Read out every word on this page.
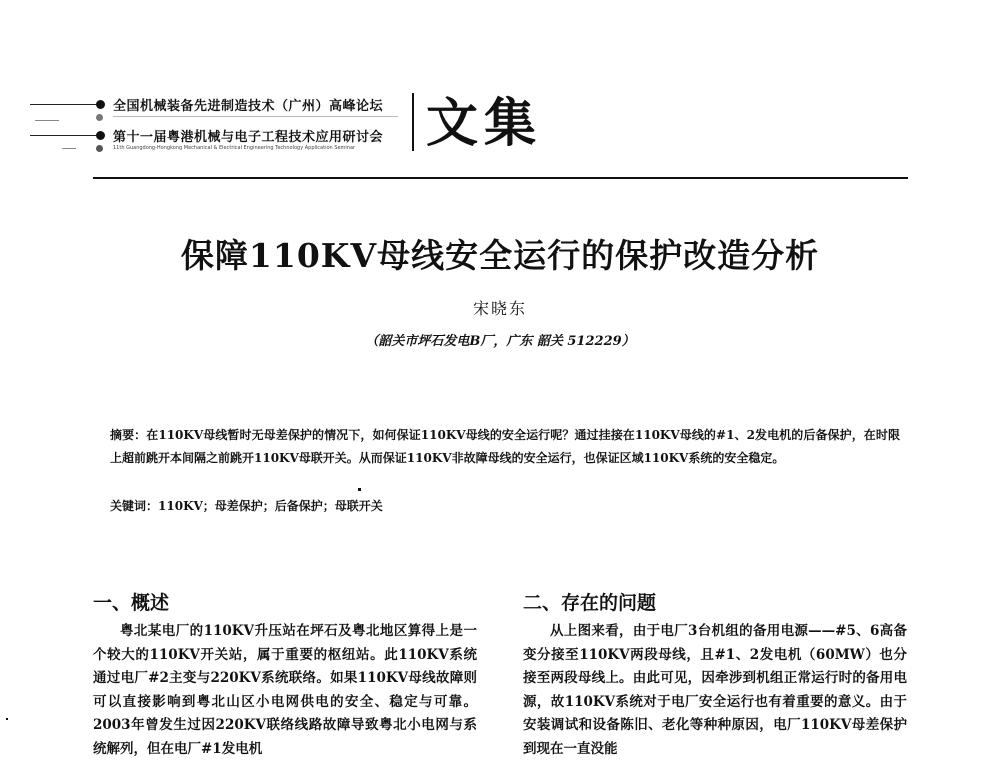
全国机械装备先进制造技术（广州）高峰论坛
第十一届粤港机械与电子工程技术应用研讨会
11th Guangdong-Hongkong Mechanical & Electrical Engineering Technology Application Seminar 文集
保障110KV母线安全运行的保护改造分析
宋晓东
（韶关市坪石发电B厂，广东 韶关 512229）
摘要：在110KV母线暂时无母差保护的情况下，如何保证110KV母线的安全运行呢？通过挂接在110KV母线的#1、2发电机的后备保护，在时限上超前跳开本间隔之前跳开110KV母联开关。从而保证110KV非故障母线的安全运行，也保证区域110KV系统的安全稳定。
关键词：110KV；母差保护；后备保护；母联开关
一、概述
粤北某电厂的110KV升压站在坪石及粤北地区算得上是一个较大的110KV开关站，属于重要的枢纽站。此110KV系统通过电厂#2主变与220KV系统联络。如果110KV母线故障则可以直接影响到粤北山区小电网供电的安全、稳定与可靠。2003年曾发生过因220KV联络线路故障导致粤北小电网与系统解列，但在电厂#1发电机
二、存在的问题
从上图来看，由于电厂3台机组的备用电源——#5、6高备变分接至110KV两段母线，且#1、2发电机（60MW）也分接至两段母线上。由此可见，因牵涉到机组正常运行时的备用电源，故110KV系统对于电厂安全运行也有着重要的意义。由于安装调试和设备陈旧、老化等种种原因，电厂110KV母差保护到现在一直没能
